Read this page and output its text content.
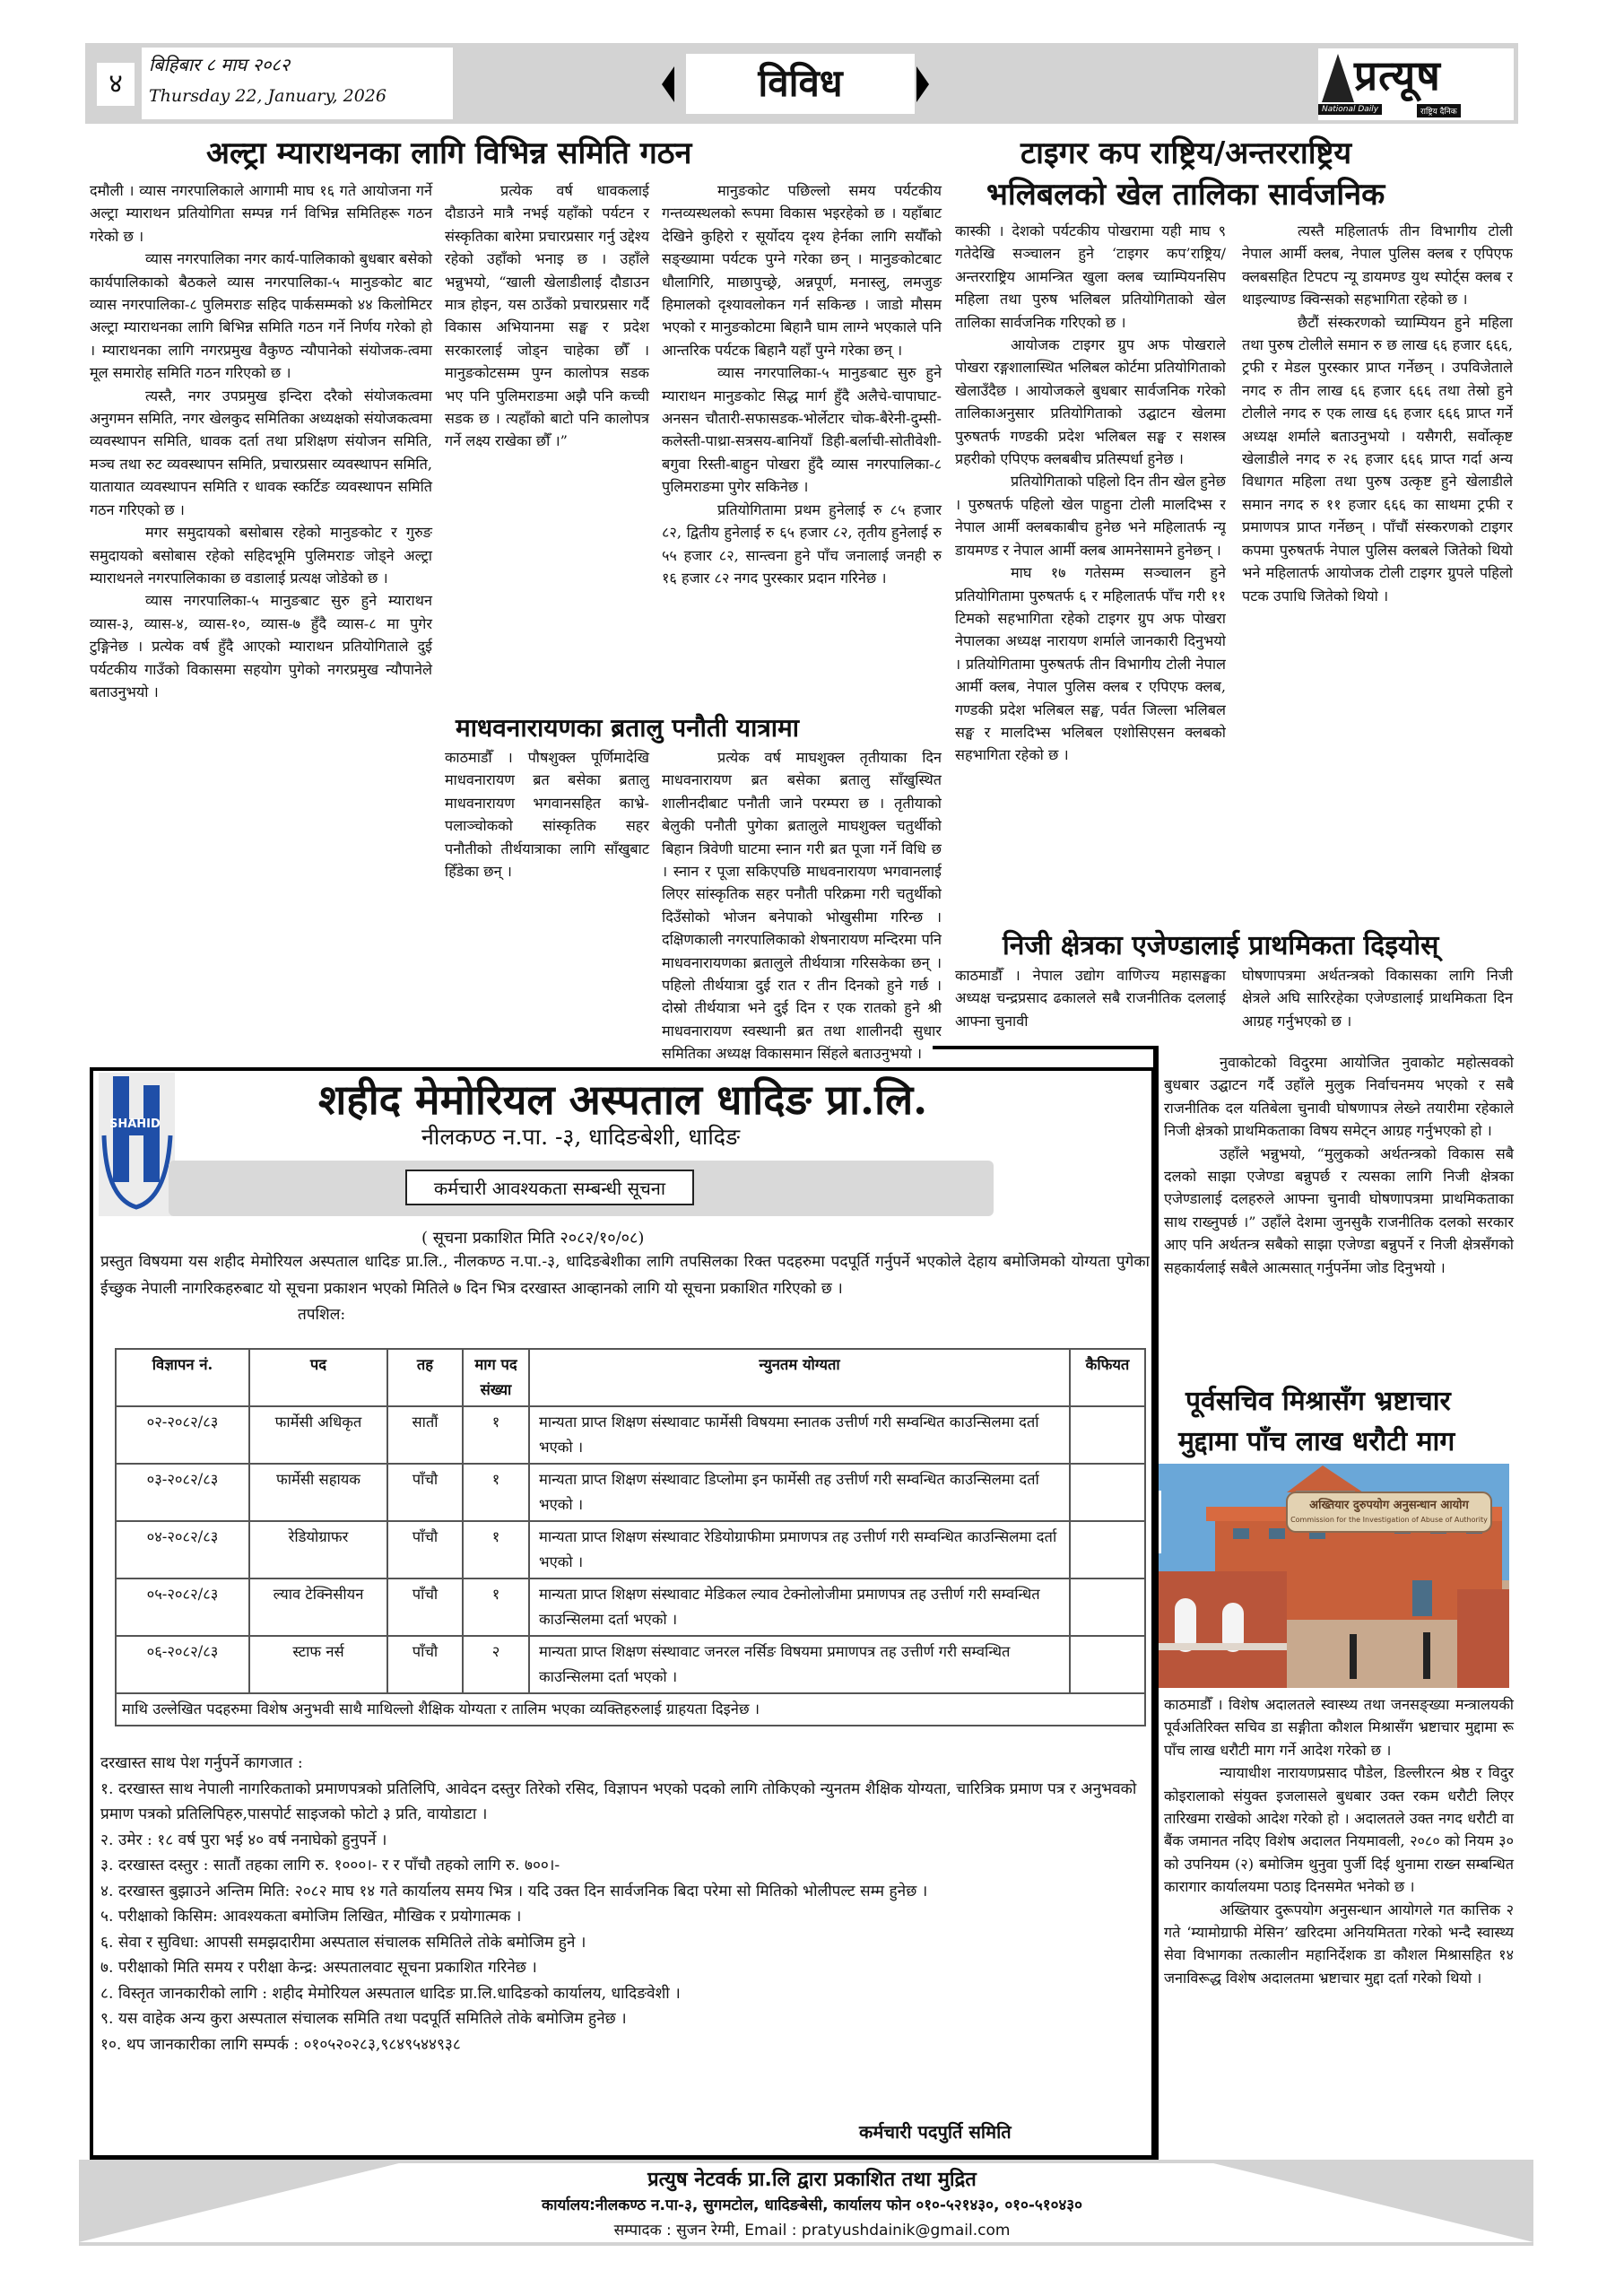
४
बिहिबार ८ माघ २०८२
Thursday 22, January, 2026	विविध	प्रत्यूष
National Daily	राष्ट्रिय दैनिक
अल्ट्रा म्याराथनका लागि विभिन्न समिति गठन

दमौली । व्यास नगरपालिकाले आगामी माघ १६ गते आयोजना गर्ने अल्ट्रा म्याराथन प्रतियोगिता सम्पन्न गर्न विभिन्न समितिहरू गठन गरेको छ ।

व्यास नगरपालिका नगर कार्य-पालिकाको बुधबार बसेको कार्यपालिकाको बैठकले व्यास नगरपालिका-५ मानुङकोट बाट व्यास नगरपालिका-८ पुलिमराङ सहिद पार्कसम्मको ४४ किलोमिटर अल्ट्रा म्याराथनका लागि बिभिन्न समिति गठन गर्ने निर्णय गरेको हो । म्याराथनका लागि नगरप्रमुख वैकुण्ठ न्यौपानेको संयोजक-त्वमा मूल समारोह समिति गठन गरिएको छ ।

त्यस्तै, नगर उपप्रमुख इन्दिरा दरैको संयोजकत्वमा अनुगमन समिति, नगर खेलकुद समितिका अध्यक्षको संयोजकत्वमा व्यवस्थापन समिति, धावक दर्ता तथा प्रशिक्षण संयोजन समिति, मञ्च तथा रुट व्यवस्थापन समिति, प्रचारप्रसार व्यवस्थापन समिति, यातायात व्यवस्थापन समिति र धावक स्कर्टिङ व्यवस्थापन समिति गठन गरिएको छ ।

मगर समुदायको बसोबास रहेको मानुङकोट र गुरुङ समुदायको बसोबास रहेको सहिदभूमि पुलिमराङ जोड्ने अल्ट्रा म्याराथनले नगरपालिकाका छ वडालाई प्रत्यक्ष जोडेको छ ।

व्यास नगरपालिका-५ मानुङबाट सुरु हुने म्याराथन व्यास-३, व्यास-४, व्यास-१०, व्यास-७ हुँदै व्यास-८ मा पुगेर टुङ्गिनेछ । प्रत्येक वर्ष हुँदै आएको म्याराथन प्रतियोगिताले दुई पर्यटकीय गाउँको विकासमा सहयोग पुगेको नगरप्रमुख न्यौपानेले बताउनुभयो ।

प्रत्येक वर्ष धावकलाई दौडाउने मात्रै नभई यहाँको पर्यटन र संस्कृतिका बारेमा प्रचारप्रसार गर्नु उद्देश्य रहेको उहाँको भनाइ छ । उहाँले भन्नुभयो, “खाली खेलाडीलाई दौडाउन मात्र होइन, यस ठाउँको प्रचारप्रसार गर्दै विकास अभियानमा सङ्घ र प्रदेश सरकारलाई जोड्न चाहेका छौँ । मानुङकोटसम्म पुग्न कालोपत्र सडक भए पनि पुलिमराङमा अझै पनि कच्ची सडक छ । त्यहाँको बाटो पनि कालोपत्र गर्ने लक्ष्य राखेका छौँ ।”

मानुङकोट पछिल्लो समय पर्यटकीय गन्तव्यस्थलको रूपमा विकास भइरहेको छ । यहाँबाट देखिने कुहिरो र सूर्योदय दृश्य हेर्नका लागि सयौँको सङ्ख्यामा पर्यटक पुग्ने गरेका छन् । मानुङकोटबाट धौलागिरि, माछापुच्छ्रे, अन्नपूर्ण, मनास्लु, लमजुङ हिमालको दृश्यावलोकन गर्न सकिन्छ । जाडो मौसम भएको र मानुङकोटमा बिहानै घाम लाग्ने भएकाले पनि आन्तरिक पर्यटक बिहानै यहाँ पुग्ने गरेका छन् ।

व्यास नगरपालिका-५ मानुङबाट सुरु हुने म्याराथन मानुङकोट सिद्ध मार्ग हुँदै अलैचे-चापाघाट-अनसन चौतारी-सफासडक-भोर्लेटार चोक-बैरेनी-दुम्सी-कलेस्ती-पाथ्रा-सत्रसय-बानियाँ डिही-बर्लाची-सोतीवेशी-बगुवा रिस्ती-बाहुन पोखरा हुँदै व्यास नगरपालिका-८ पुलिमराङमा पुगेर सकिनेछ ।

प्रतियोगितामा प्रथम हुनेलाई रु ८५ हजार ८२, द्वितीय हुनेलाई रु ६५ हजार ८२, तृतीय हुनेलाई रु ५५ हजार ८२, सान्त्वना हुने पाँच जनालाई जनही रु १६ हजार ८२ नगद पुरस्कार प्रदान गरिनेछ ।

माधवनारायणका ब्रतालु पनौती यात्रामा

काठमाडौँ । पौषशुक्ल पूर्णिमादेखि माधवनारायण ब्रत बसेका ब्रतालु माधवनारायण भगवानसहित काभ्रे-पलाञ्चोकको सांस्कृतिक सहर पनौतीको तीर्थयात्राका लागि साँखुबाट हिँडेका छन् ।

प्रत्येक वर्ष माघशुक्ल तृतीयाका दिन माधवनारायण ब्रत बसेका ब्रतालु साँखुस्थित शालीनदीबाट पनौती जाने परम्परा छ । तृतीयाको बेलुकी पनौती पुगेका ब्रतालुले माघशुक्ल चतुर्थीको बिहान त्रिवेणी घाटमा स्नान गरी ब्रत पूजा गर्ने विधि छ । स्नान र पूजा सकिएपछि माधवनारायण भगवानलाई लिएर सांस्कृतिक सहर पनौती परिक्रमा गरी चतुर्थीको दिउँसोको भोजन बनेपाको भोखुसीमा गरिन्छ । दक्षिणकाली नगरपालिकाको शेषनारायण मन्दिरमा पनि माधवनारायणका ब्रतालुले तीर्थयात्रा गरिसकेका छन् । पहिलो तीर्थयात्रा दुई रात र तीन दिनको हुने गर्छ । दोस्रो तीर्थयात्रा भने दुई दिन र एक रातको हुने श्री माधवनारायण स्वस्थानी ब्रत तथा शालीनदी सुधार समितिका अध्यक्ष विकासमान सिंहले बताउनुभयो ।

टाइगर कप राष्ट्रिय/अन्तरराष्ट्रिय
भलिबलको खेल तालिका सार्वजनिक

कास्की । देशको पर्यटकीय पोखरामा यही माघ ९ गतेदेखि सञ्चालन हुने ‘टाइगर कप’राष्ट्रिय/अन्तरराष्ट्रिय आमन्त्रित खुला क्लब च्याम्पियनसिप महिला तथा पुरुष भलिबल प्रतियोगिताको खेल तालिका सार्वजनिक गरिएको छ ।

आयोजक टाइगर ग्रुप अफ पोखराले पोखरा रङ्गशालास्थित भलिबल कोर्टमा प्रतियोगिताको खेलाउँदैछ । आयोजकले बुधबार सार्वजनिक गरेको तालिकाअनुसार प्रतियोगिताको उद्घाटन खेलमा पुरुषतर्फ गण्डकी प्रदेश भलिबल सङ्घ र सशस्त्र प्रहरीको एपिएफ क्लबबीच प्रतिस्पर्धा हुनेछ ।

प्रतियोगिताको पहिलो दिन तीन खेल हुनेछ । पुरुषतर्फ पहिलो खेल पाहुना टोली मालदिभ्स र नेपाल आर्मी क्लबकाबीच हुनेछ भने महिलातर्फ न्यू डायमण्ड र नेपाल आर्मी क्लब आमनेसामने हुनेछन् ।

माघ १७ गतेसम्म सञ्चालन हुने प्रतियोगितामा पुरुषतर्फ ६ र महिलातर्फ पाँच गरी ११ टिमको सहभागिता रहेको टाइगर ग्रुप अफ पोखरा नेपालका अध्यक्ष नारायण शर्माले जानकारी दिनुभयो । प्रतियोगितामा पुरुषतर्फ तीन विभागीय टोली नेपाल आर्मी क्लब, नेपाल पुलिस क्लब र एपिएफ क्लब, गण्डकी प्रदेश भलिबल सङ्घ, पर्वत जिल्ला भलिबल सङ्घ र मालदिभ्स भलिबल एशोसिएसन क्लबको सहभागिता रहेको छ ।

त्यस्तै महिलातर्फ तीन विभागीय टोली नेपाल आर्मी क्लब, नेपाल पुलिस क्लब र एपिएफ क्लबसहित टिपटप न्यू डायमण्ड युथ स्पोर्ट्स क्लब र थाइल्याण्ड क्विन्सको सहभागिता रहेको छ ।

छैटौं संस्करणको च्याम्पियन हुने महिला तथा पुरुष टोलीले समान रु छ लाख ६६ हजार ६६६, ट्रफी र मेडल पुरस्कार प्राप्त गर्नेछन् । उपविजेताले नगद रु तीन लाख ६६ हजार ६६६ तथा तेस्रो हुने टोलीले नगद रु एक लाख ६६ हजार ६६६ प्राप्त गर्ने अध्यक्ष शर्माले बताउनुभयो । यसैगरी, सर्वोत्कृष्ट खेलाडीले नगद रु २६ हजार ६६६ प्राप्त गर्दा अन्य विधागत महिला तथा पुरुष उत्कृष्ट हुने खेलाडीले समान नगद रु ११ हजार ६६६ का साथमा ट्रफी र प्रमाणपत्र प्राप्त गर्नेछन् । पाँचौं संस्करणको टाइगर कपमा पुरुषतर्फ नेपाल पुलिस क्लबले जितेको थियो भने महिलातर्फ आयोजक टोली टाइगर ग्रुपले पहिलो पटक उपाधि जितेको थियो ।

निजी क्षेत्रका एजेण्डालाई प्राथमिकता दिइयोस्
काठमाडौँ । नेपाल उद्योग वाणिज्य महासङ्घका अध्यक्ष चन्द्रप्रसाद ढकालले सबै राजनीतिक दललाई आफ्ना चुनावी
घोषणापत्रमा अर्थतन्त्रको विकासका लागि निजी क्षेत्रले अघि सारिरहेका एजेण्डालाई प्राथमिकता दिन आग्रह गर्नुभएको छ ।

नुवाकोटको विदुरमा आयोजित नुवाकोट महोत्सवको बुधबार उद्घाटन गर्दै उहाँले मुलुक निर्वाचनमय भएको र सबै राजनीतिक दल यतिबेला चुनावी घोषणापत्र लेख्ने तयारीमा रहेकाले निजी क्षेत्रको प्राथमिकताका विषय समेट्न आग्रह गर्नुभएको हो ।

उहाँले भन्नुभयो, “मुलुकको अर्थतन्त्रको विकास सबै दलको साझा एजेण्डा बन्नुपर्छ र त्यसका लागि निजी क्षेत्रका एजेण्डालाई दलहरुले आफ्ना चुनावी घोषणापत्रमा प्राथमिकताका साथ राख्नुपर्छ ।” उहाँले देशमा जुनसुकै राजनीतिक दलको सरकार आए पनि अर्थतन्त्र सबैको साझा एजेण्डा बन्नुपर्ने र निजी क्षेत्रसँगको सहकार्यलाई सबैले आत्मसात् गर्नुपर्नेमा जोड दिनुभयो ।

पूर्वसचिव मिश्रासँग भ्रष्टाचार
मुद्दामा पाँच लाख धरौटी माग
अख्तियार दुरुपयोग अनुसन्धान आयोग
Commission for the Investigation of Abuse of Authority

काठमाडौँ । विशेष अदालतले स्वास्थ्य तथा जनसङ्ख्या मन्त्रालयकी पूर्वअतिरिक्त सचिव डा सङ्गीता कौशल मिश्रासँग भ्रष्टाचार मुद्दामा रू पाँच लाख धरौटी माग गर्ने आदेश गरेको छ ।

न्यायाधीश नारायणप्रसाद पौडेल, डिल्लीरत्न श्रेष्ठ र विदुर कोइरालाको संयुक्त इजलासले बुधबार उक्त रकम धरौटी लिएर तारिखमा राखेको आदेश गरेको हो । अदालतले उक्त नगद धरौटी वा बैंक जमानत नदिए विशेष अदालत नियमावली, २०८० को नियम ३० को उपनियम (२) बमोजिम थुनुवा पुर्जी दिई थुनामा राख्न सम्बन्धित कारागार कार्यालयमा पठाइ दिनसमेत भनेको छ ।

अख्तियार दुरूपयोग अनुसन्धान आयोगले गत कात्तिक २ गते ‘म्यामोग्राफी मेसिन’ खरिदमा अनियमितता गरेको भन्दै स्वास्थ्य सेवा विभागका तत्कालीन महानिर्देशक डा कौशल मिश्रासहित १४ जनाविरूद्ध विशेष अदालतमा भ्रष्टाचार मुद्दा दर्ता गरेको थियो ।

SHAHID
शहीद मेमोरियल अस्पताल धादिङ प्रा.लि.
नीलकण्ठ न.पा. -३, धादिङबेशी, धादिङ
कर्मचारी आवश्यकता सम्बन्धी सूचना
( सूचना प्रकाशित मिति २०८२/१०/०८)
प्रस्तुत विषयमा यस शहीद मेमोरियल अस्पताल धादिङ प्रा.लि., नीलकण्ठ न.पा.-३, धादिङबेशीका लागि तपसिलका रिक्त पदहरुमा पदपूर्ति गर्नुपर्ने भएकोले देहाय बमोजिमको योग्यता पुगेका ईच्छुक नेपाली नागरिकहरुबाट यो सूचना प्रकाशन भएको मितिले ७ दिन भित्र दरखास्त आव्हानको लागि यो सूचना प्रकाशित गरिएको छ ।
तपशिल:
विज्ञापन नं.	पद	तह	माग पद संख्या	न्युनतम योग्यता	कैफियत
०२-२०८२/८३	फार्मेसी अधिकृत	सातौं	१	मान्यता प्राप्त शिक्षण संस्थावाट फार्मेसी विषयमा स्नातक उत्तीर्ण गरी सम्वन्धित काउन्सिलमा दर्ता भएको ।	
०३-२०८२/८३	फार्मेसी सहायक	पाँचौ	१	मान्यता प्राप्त शिक्षण संस्थावाट डिप्लोमा इन फार्मेसी तह उत्तीर्ण गरी सम्वन्धित काउन्सिलमा दर्ता भएको ।	
०४-२०८२/८३	रेडियोग्राफर	पाँचौ	१	मान्यता प्राप्त शिक्षण संस्थावाट रेडियोग्राफीमा प्रमाणपत्र तह उत्तीर्ण गरी सम्वन्धित काउन्सिलमा दर्ता भएको ।	
०५-२०८२/८३	ल्याव टेक्निसीयन	पाँचौ	१	मान्यता प्राप्त शिक्षण संस्थावाट मेडिकल ल्याव टेक्नोलोजीमा प्रमाणपत्र तह उत्तीर्ण गरी सम्वन्धित काउन्सिलमा दर्ता भएको ।	
०६-२०८२/८३	स्टाफ नर्स	पाँचौ	२	मान्यता प्राप्त शिक्षण संस्थावाट जनरल नर्सिङ विषयमा प्रमाणपत्र तह उत्तीर्ण गरी सम्वन्धित काउन्सिलमा दर्ता भएको ।	
माथि उल्लेखित पदहरुमा विशेष अनुभवी साथै माथिल्लो शैक्षिक योग्यता र तालिम भएका व्यक्तिहरुलाई ग्राहयता दिइनेछ ।					

दरखास्त साथ पेश गर्नुपर्ने कागजात :

१. दरखास्त साथ नेपाली नागरिकताको प्रमाणपत्रको प्रतिलिपि, आवेदन दस्तुर तिरेको रसिद, विज्ञापन भएको पदको लागि तोकिएको न्युनतम शैक्षिक योग्यता, चारित्रिक प्रमाण पत्र र अनुभवको प्रमाण पत्रको प्रतिलिपिहरु,पासपोर्ट साइजको फोटो ३ प्रति, वायोडाटा ।

२. उमेर : १८ वर्ष पुरा भई ४० वर्ष ननाघेको हुनुपर्ने ।

३. दरखास्त दस्तुर : सातौं तहका लागि रु. १०००।- र र पाँचौ तहको लागि रु. ७००।-

४. दरखास्त बुझाउने अन्तिम मिति: २०८२ माघ १४ गते कार्यालय समय भित्र । यदि उक्त दिन सार्वजनिक बिदा परेमा सो मितिको भोलीपल्ट सम्म हुनेछ ।

५. परीक्षाको किसिम: आवश्यकता बमोजिम लिखित, मौखिक र प्रयोगात्मक ।

६. सेवा र सुविधा: आपसी समझदारीमा अस्पताल संचालक समितिले तोके बमोजिम हुने ।

७. परीक्षाको मिति समय र परीक्षा केन्द्र: अस्पतालवाट सूचना प्रकाशित गरिनेछ ।

८. विस्तृत जानकारीको लागि : शहीद मेमोरियल अस्पताल धादिङ प्रा.लि.धादिङको कार्यालय, धादिङवेशी ।

९. यस वाहेक अन्य कुरा अस्पताल संचालक समिति तथा पदपूर्ति समितिले तोके बमोजिम हुनेछ ।

१०. थप जानकारीका लागि सम्पर्क : ०१०५२०२८३,९८४९५४४९३८

कर्मचारी पदपुर्ति समिति
प्रत्युष नेटवर्क प्रा.लि द्वारा प्रकाशित तथा मुद्रित
कार्यालय:नीलकण्ठ न.पा-३, सुगमटोल, धादिङबेसी, कार्यालय फोन ०१०-५२१४३०, ०१०-५१०४३०
सम्पादक : सुजन रेग्मी, Email : pratyushdainik@gmail.com
